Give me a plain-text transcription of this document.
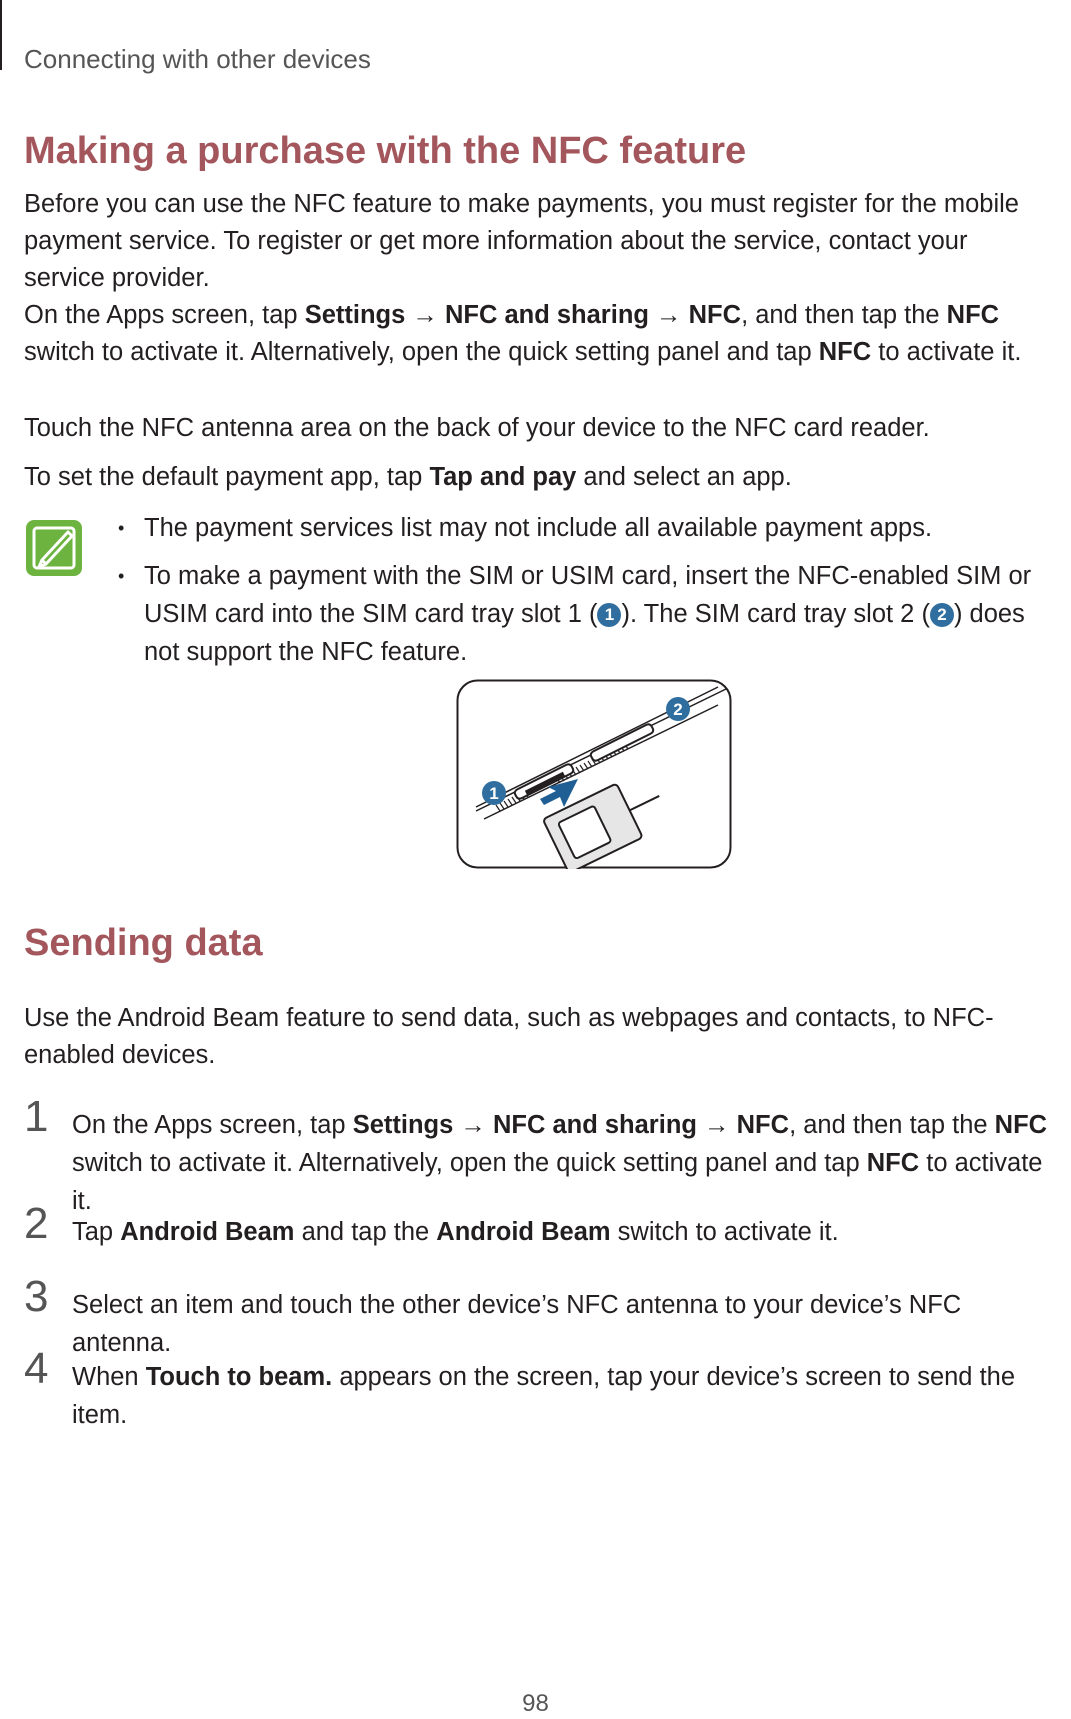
Connecting with other devices
Making a purchase with the NFC feature

Before you can use the NFC feature to make payments, you must register for the mobile payment service. To register or get more information about the service, contact your service provider.

On the Apps screen, tap Settings → NFC and sharing → NFC, and then tap the NFC switch to activate it. Alternatively, open the quick setting panel and tap NFC to activate it.

Touch the NFC antenna area on the back of your device to the NFC card reader.

To set the default payment app, tap Tap and pay and select an app.

• The payment services list may not include all available payment apps.
• To make a payment with the SIM or USIM card, insert the NFC-enabled SIM or USIM card into the SIM card tray slot 1 ( 1 ). The SIM card tray slot 2 ( 2 ) does not support the NFC feature.
1
2
Sending data

Use the Android Beam feature to send data, such as webpages and contacts, to NFC-enabled devices.

1 On the Apps screen, tap Settings → NFC and sharing → NFC, and then tap the NFC switch to activate it. Alternatively, open the quick setting panel and tap NFC to activate it.
2 Tap Android Beam and tap the Android Beam switch to activate it.
3 Select an item and touch the other device’s NFC antenna to your device’s NFC antenna.
4 When Touch to beam. appears on the screen, tap your device’s screen to send the item.
98
